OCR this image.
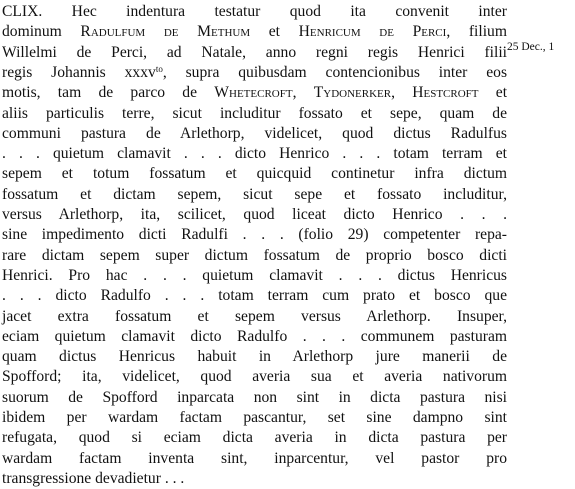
CLIX. Hec indentura testatur quod ita convenit inter
dominum Radulfum de Methum et Henricum de Perci, filium
Willelmi de Perci, ad Natale, anno regni regis Henrici filii
regis Johannis xxxv$^{to}$, supra quibusdam contencionibus inter eos
motis, tam de parco de Whetecroft, Tydonerker, Hestcroft et
aliis particulis terre, sicut includitur fossato et sepe, quam de
communi pastura de Arlethorp, videlicet, quod dictus Radulfus
. . . quietum clamavit . . . dicto Henrico . . . totam terram et
sepem et totum fossatum et quicquid continetur infra dictum
fossatum et dictam sepem, sicut sepe et fossato includitur,
versus Arlethorp, ita, scilicet, quod liceat dicto Henrico . . .
sine impedimento dicti Radulfi . . . (folio 29) competenter repa-
rare dictam sepem super dictum fossatum de proprio bosco dicti
Henrici. Pro hac . . . quietum clamavit . . . dictus Henricus
. . . dicto Radulfo . . . totam terram cum prato et bosco que
jacet extra fossatum et sepem versus Arlethorp. Insuper,
eciam quietum clamavit dicto Radulfo . . . communem pasturam
quam dictus Henricus habuit in Arlethorp jure manerii de
Spofford; ita, videlicet, quod averia sua et averia nativorum
suorum de Spofford inparcata non sint in dicta pastura nisi
ibidem per wardam factam pascantur, set sine dampno sint
refugata, quod si eciam dicta averia in dicta pastura per
wardam factam inventa sint, inparcentur, vel pastor pro
transgressione devadietur . . .
25 Dec., 1
